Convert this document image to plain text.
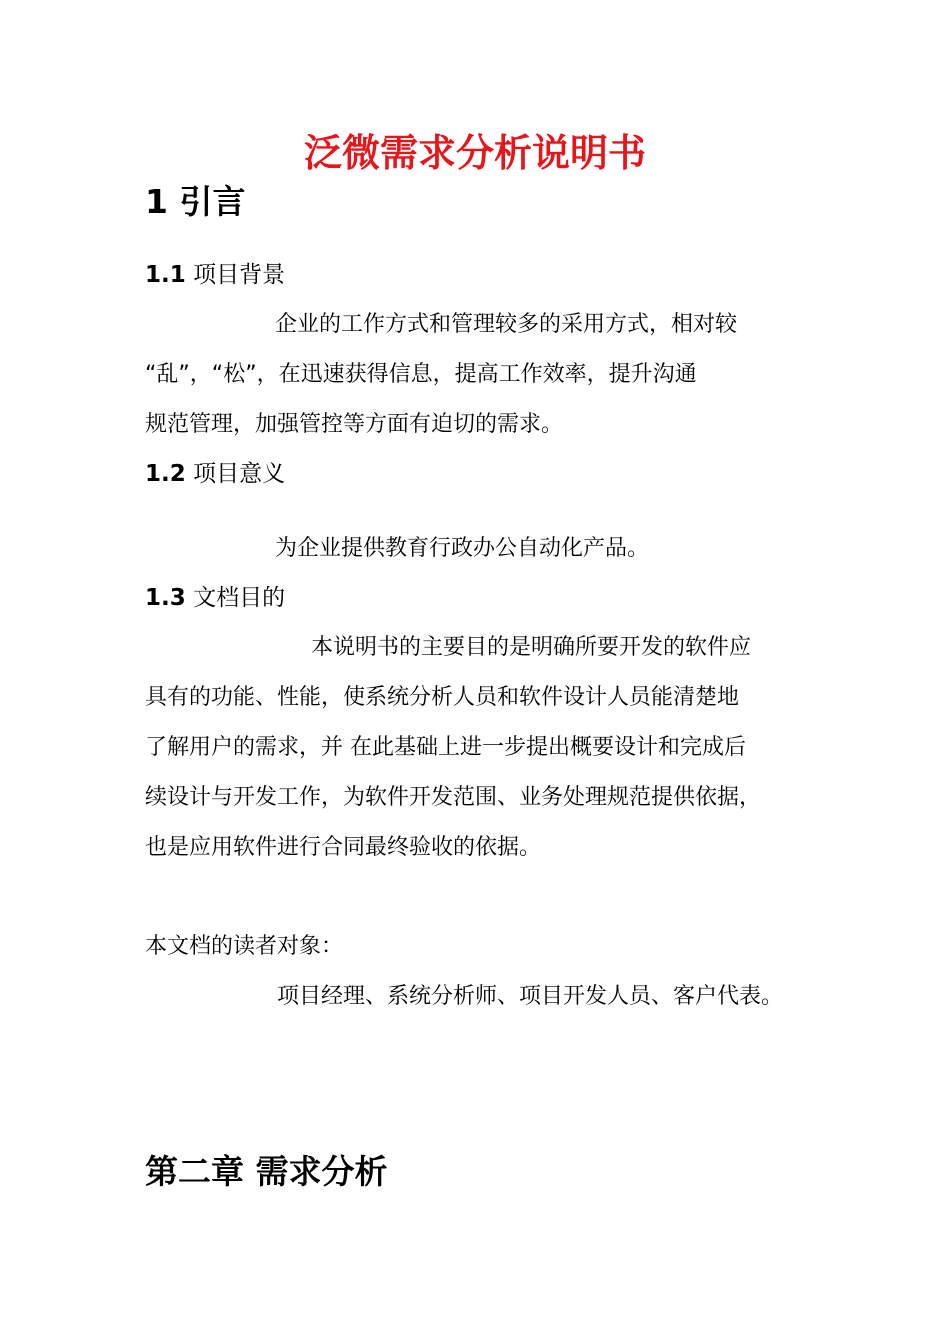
泛微需求分析说明书
1 引言
1.1 项目背景

企业的工作方式和管理较多的采用方式，相对较

“乱”，“松”，在迅速获得信息，提高工作效率，提升沟通

规范管理，加强管控等方面有迫切的需求。

1.2 项目意义

为企业提供教育行政办公自动化产品。

1.3 文档目的

本说明书的主要目的是明确所要开发的软件应

具有的功能、性能，使系统分析人员和软件设计人员能清楚地

了解用户的需求，并 在此基础上进一步提出概要设计和完成后

续设计与开发工作，为软件开发范围、业务处理规范提供依据，

也是应用软件进行合同最终验收的依据。

本文档的读者对象：

项目经理、系统分析师、项目开发人员、客户代表。

第二章 需求分析
